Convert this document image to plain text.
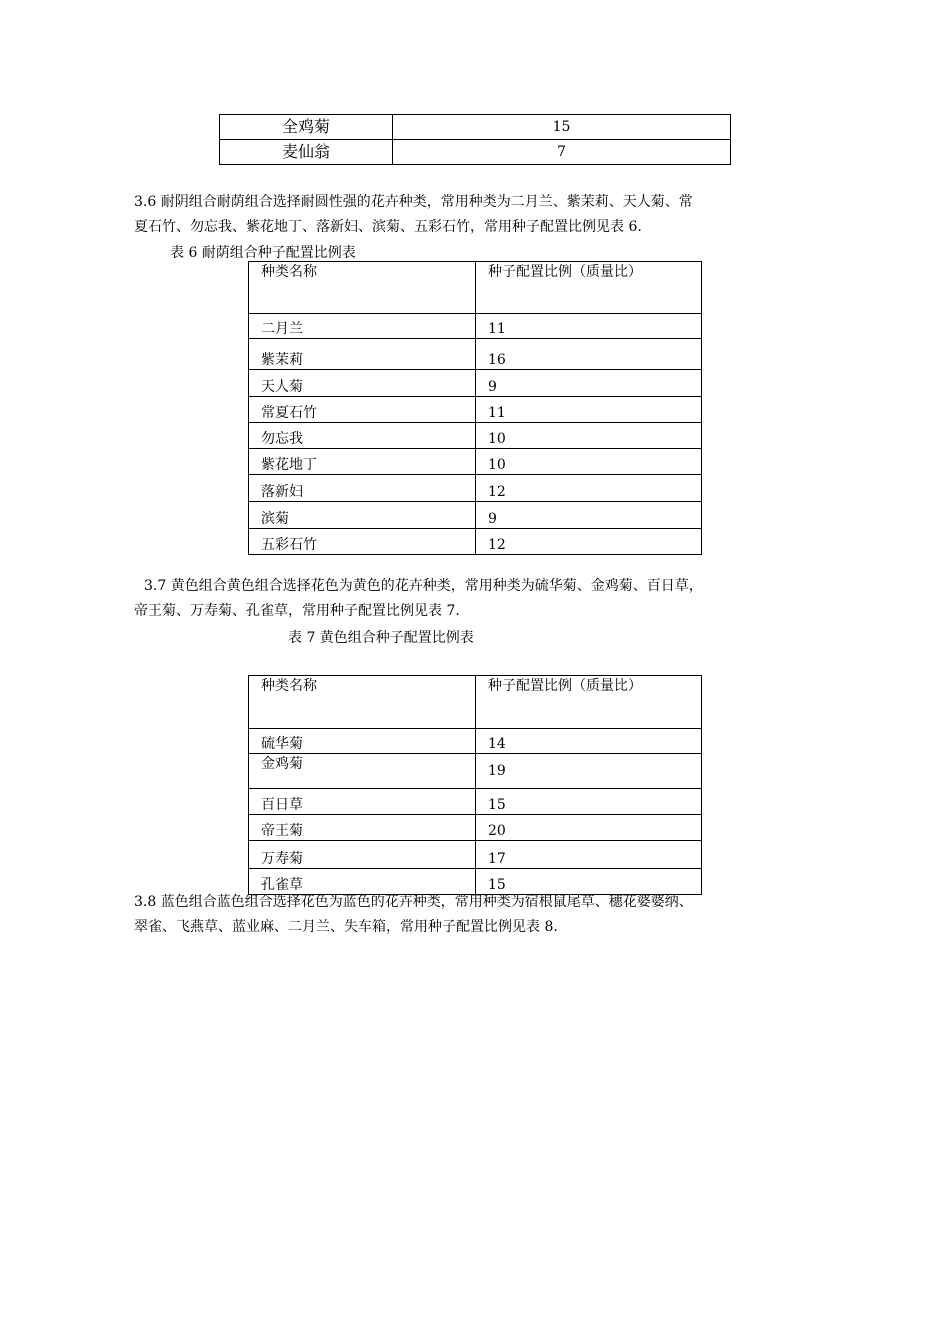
全鸡菊	15
麦仙翁	7
3.6 耐阴组合耐荫组合选择耐圆性强的花卉种类，常用种类为二月兰、紫茉莉、天人菊、常
夏石竹、勿忘我、紫花地丁、落新妇、滨菊、五彩石竹，常用种子配置比例见表 6.
表 6 耐荫组合种子配置比例表
种类名称	种子配置比例（质量比）
二月兰	11
紫茉莉	16
天人菊	9
常夏石竹	11
勿忘我	10
紫花地丁	10
落新妇	12
滨菊	9
五彩石竹	12
3.7 黄色组合黄色组合选择花色为黄色的花卉种类，常用种类为硫华菊、金鸡菊、百日草，
帝王菊、万寿菊、孔雀草，常用种子配置比例见表 7.
表 7 黄色组合种子配置比例表
种类名称	种子配置比例（质量比）
硫华菊	14
金鸡菊	19
百日草	15
帝王菊	20
万寿菊	17
孔雀草	15
3.8 蓝色组合蓝色组合选择花色为蓝色的花卉种类，常用种类为宿根鼠尾草、穗花婆婆纳、
翠雀、飞燕草、蓝业麻、二月兰、失车箱，常用种子配置比例见表 8.
